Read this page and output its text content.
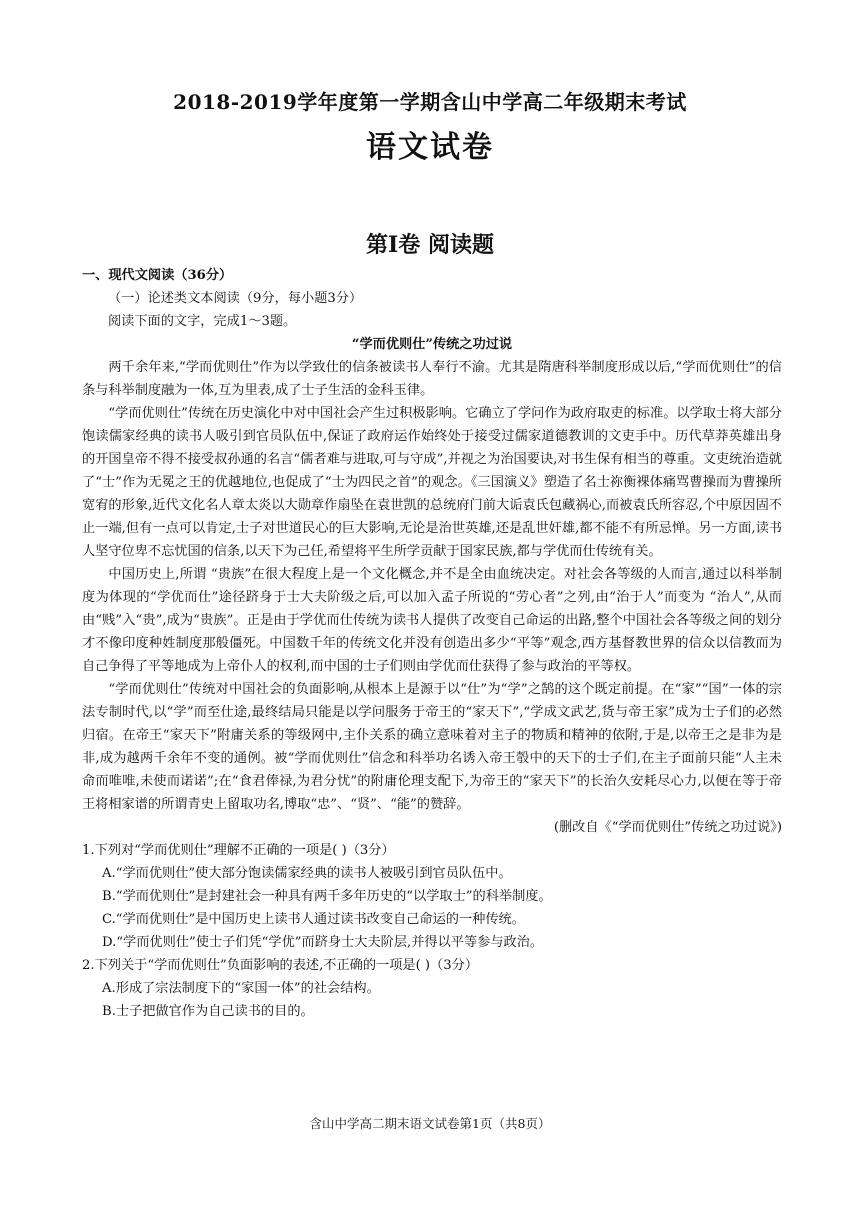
2018-2019学年度第一学期含山中学高二年级期末考试
语文试卷
第Ⅰ卷 阅读题
一、现代文阅读（36分）
（一）论述类文本阅读（9分，每小题3分）
阅读下面的文字，完成1～3题。
“学而优则仕”传统之功过说
两千余年来,“学而优则仕”作为以学致仕的信条被读书人奉行不渝。尤其是隋唐科举制度形成以后,“学而优则仕”的信条与科举制度融为一体,互为里表,成了士子生活的金科玉律。
“学而优则仕”传统在历史演化中对中国社会产生过积极影响。它确立了学问作为政府取吏的标准。以学取士将大部分饱读儒家经典的读书人吸引到官员队伍中,保证了政府运作始终处于接受过儒家道德教训的文吏手中。历代草莽英雄出身的开国皇帝不得不接受叔孙通的名言“儒者难与进取,可与守成”,并视之为治国要诀,对书生保有相当的尊重。文吏统治造就了“士”作为无冕之王的优越地位,也促成了“士为四民之首”的观念。《三国演义》塑造了名士祢衡裸体痛骂曹操而为曹操所宽宥的形象,近代文化名人章太炎以大勋章作扇坠在袁世凯的总统府门前大诟袁氏包藏祸心,而被袁氏所容忍,个中原因固不止一端,但有一点可以肯定,士子对世道民心的巨大影响,无论是治世英雄,还是乱世奸雄,都不能不有所忌惮。另一方面,读书人坚守位卑不忘忧国的信条,以天下为己任,希望将平生所学贡献于国家民族,都与学优而仕传统有关。
中国历史上,所谓 “贵族”在很大程度上是一个文化概念,并不是全由血统决定。对社会各等级的人而言,通过以科举制度为体现的“学优而仕”途径跻身于士大夫阶级之后,可以加入孟子所说的“劳心者”之列,由“治于人”而变为 “治人”,从而由“贱”入“贵”,成为“贵族”。正是由于学优而仕传统为读书人提供了改变自己命运的出路,整个中国社会各等级之间的划分才不像印度种姓制度那般僵死。中国数千年的传统文化并没有创造出多少“平等”观念,西方基督教世界的信众以信教而为自己争得了平等地成为上帝仆人的权利,而中国的士子们则由学优而仕获得了参与政治的平等权。
“学而优则仕”传统对中国社会的负面影响,从根本上是源于以“仕”为“学”之鹄的这个既定前提。在“家”“国”一体的宗法专制时代,以“学”而至仕途,最终结局只能是以学问服务于帝王的“家天下”,“学成文武艺,货与帝王家”成为士子们的必然归宿。在帝王“家天下”附庸关系的等级网中,主仆关系的确立意味着对主子的物质和精神的依附,于是,以帝王之是非为是非,成为越两千余年不变的通例。被“学而优则仕”信念和科举功名诱入帝王彀中的天下的士子们,在主子面前只能“人主未命而唯唯,未使而诺诺”;在“食君俸禄,为君分忧”的附庸伦理支配下,为帝王的“家天下”的长治久安耗尽心力,以便在等于帝王将相家谱的所谓青史上留取功名,博取“忠”、“贤”、“能”的赞辞。
(删改自《“学而优则仕”传统之功过说》)
1.下列对“学而优则仕”理解不正确的一项是( )（3分）
A.“学而优则仕”使大部分饱读儒家经典的读书人被吸引到官员队伍中。
B.“学而优则仕”是封建社会一种具有两千多年历史的“以学取士”的科举制度。
C.“学而优则仕”是中国历史上读书人通过读书改变自己命运的一种传统。
D.“学而优则仕”使士子们凭“学优”而跻身士大夫阶层,并得以平等参与政治。
2.下列关于“学而优则仕”负面影响的表述,不正确的一项是( )（3分）
A.形成了宗法制度下的“家国一体”的社会结构。
B.士子把做官作为自己读书的目的。
含山中学高二期末语文试卷第1页（共8页）
